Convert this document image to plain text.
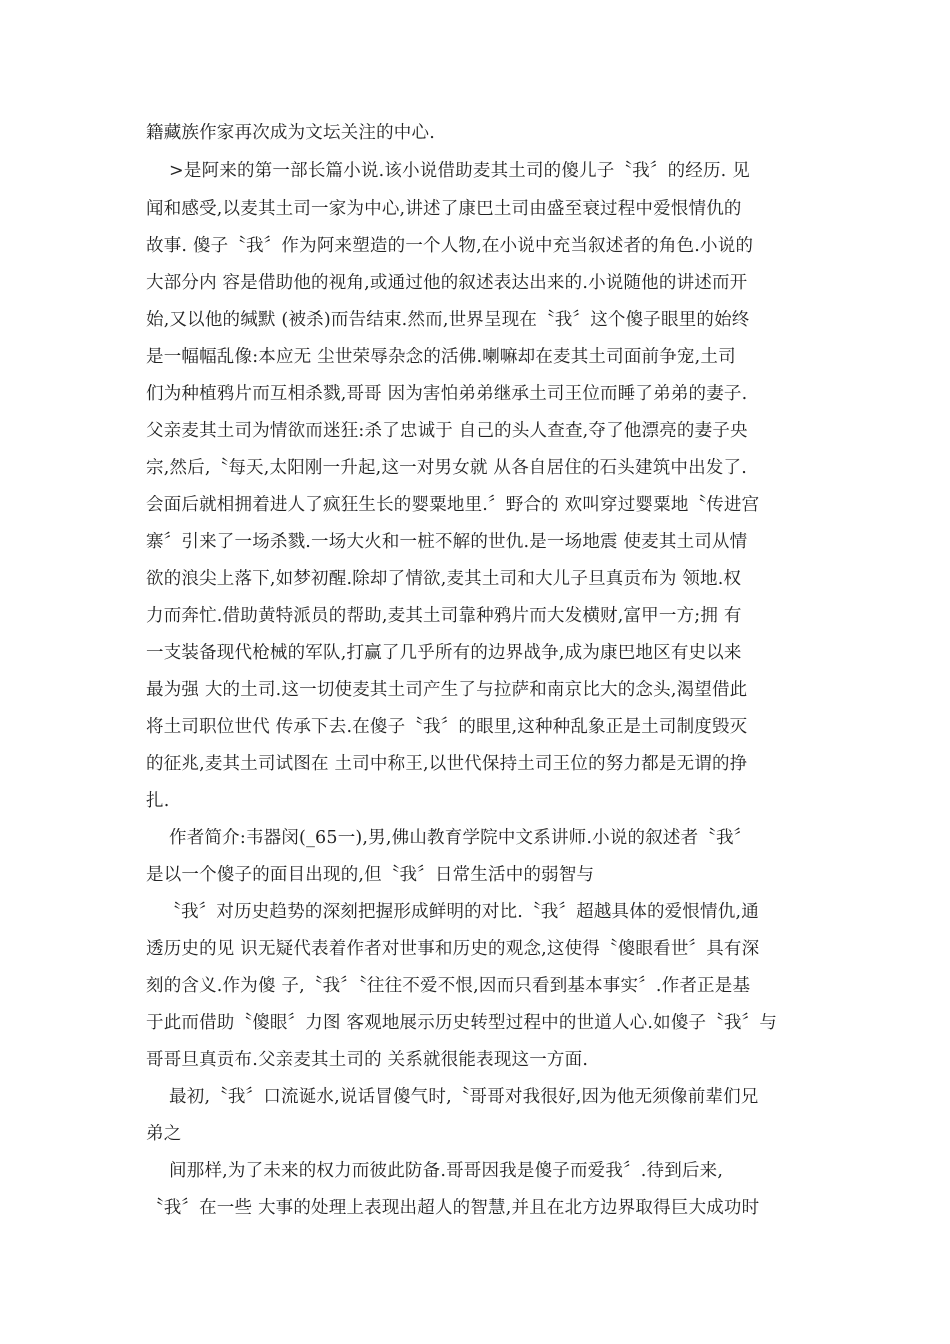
籍藏族作家再次成为文坛关注的中心.
>是阿来的第一部长篇小说.该小说借助麦其土司的傻儿子〝我〞的经历. 见
闻和感受,以麦其土司一家为中心,讲述了康巴土司由盛至衰过程中爱恨情仇的
故事. 傻子〝我〞作为阿来塑造的一个人物,在小说中充当叙述者的角色.小说的
大部分内 容是借助他的视角,或通过他的叙述表达出来的.小说随他的讲述而开
始,又以他的缄默 (被杀)而告结束.然而,世界呈现在〝我〞这个傻子眼里的始终
是一幅幅乱像:本应无 尘世荣辱杂念的活佛.喇嘛却在麦其土司面前争宠,土司
们为种植鸦片而互相杀戮,哥哥 因为害怕弟弟继承土司王位而睡了弟弟的妻子.
父亲麦其土司为情欲而迷狂:杀了忠诚于 自己的头人查查,夺了他漂亮的妻子央
宗,然后,〝每天,太阳刚一升起,这一对男女就 从各自居住的石头建筑中出发了.
会面后就相拥着进人了疯狂生长的婴粟地里.〞野合的 欢叫穿过婴粟地〝传进宫
寨〞引来了一场杀戮.一场大火和一桩不解的世仇.是一场地震 使麦其土司从情
欲的浪尖上落下,如梦初醒.除却了情欲,麦其土司和大儿子旦真贡布为 领地.权
力而奔忙.借助黄特派员的帮助,麦其土司靠种鸦片而大发横财,富甲一方;拥 有
一支装备现代枪械的军队,打赢了几乎所有的边界战争,成为康巴地区有史以来
最为强 大的土司.这一切使麦其土司产生了与拉萨和南京比大的念头,渴望借此
将土司职位世代 传承下去.在傻子〝我〞的眼里,这种种乱象正是土司制度毁灭
的征兆,麦其土司试图在 土司中称王,以世代保持土司王位的努力都是无谓的挣
扎.
作者简介:韦器闵(_65一),男,佛山教育学院中文系讲师.小说的叙述者〝我〞
是以一个傻子的面目出现的,但〝我〞日常生活中的弱智与
〝我〞对历史趋势的深刻把握形成鲜明的对比.〝我〞超越具体的爱恨情仇,通
透历史的见 识无疑代表着作者对世事和历史的观念,这使得〝傻眼看世〞具有深
刻的含义.作为傻 子,〝我〞〝往往不爱不恨,因而只看到基本事实〞.作者正是基
于此而借助〝傻眼〞力图 客观地展示历史转型过程中的世道人心.如傻子〝我〞与
哥哥旦真贡布.父亲麦其土司的 关系就很能表现这一方面.
最初,〝我〞口流诞水,说话冒傻气时,〝哥哥对我很好,因为他无须像前辈们兄
弟之
间那样,为了未来的权力而彼此防备.哥哥因我是傻子而爱我〞.待到后来,
〝我〞在一些 大事的处理上表现出超人的智慧,并且在北方边界取得巨大成功时
